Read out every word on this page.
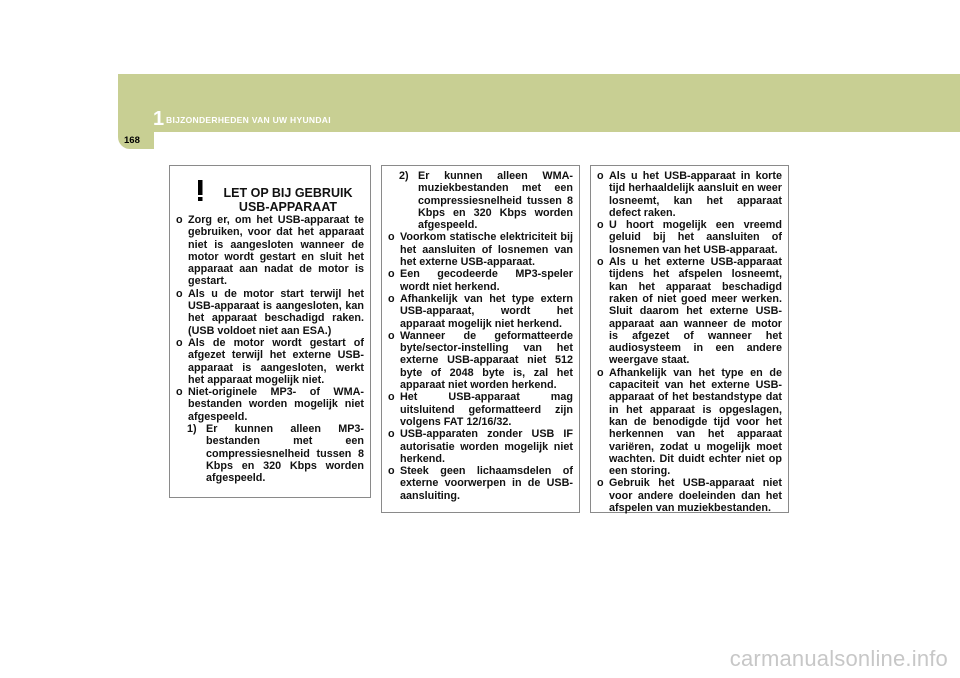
1 BIJZONDERHEDEN VAN UW HYUNDAI
168
LET OP BIJ GEBRUIK
USB-APPARAAT
o Zorg er, om het USB-apparaat te gebruiken, voor dat het apparaat niet is aangesloten wanneer de motor wordt gestart en sluit het apparaat aan nadat de motor is gestart.
o Als u de motor start terwijl het USB-apparaat is aangesloten, kan het apparaat beschadigd raken. (USB voldoet niet aan ESA.)
o Als de motor wordt gestart of afgezet terwijl het externe USB-apparaat is aangesloten, werkt het apparaat mogelijk niet.
o Niet-originele MP3- of WMA-bestanden worden mogelijk niet afgespeeld.
1) Er kunnen alleen MP3-bestanden met een compressiesnelheid tussen 8 Kbps en 320 Kbps worden afgespeeld.
2) Er kunnen alleen WMA-muziekbestanden met een compressiesnelheid tussen 8 Kbps en 320 Kbps worden afgespeeld.
o Voorkom statische elektriciteit bij het aansluiten of losnemen van het externe USB-apparaat.
o Een gecodeerde MP3-speler wordt niet herkend.
o Afhankelijk van het type extern USB-apparaat, wordt het apparaat mogelijk niet herkend.
o Wanneer de geformatteerde byte/sector-instelling van het externe USB-apparaat niet 512 byte of 2048 byte is, zal het apparaat niet worden herkend.
o Het USB-apparaat mag uitsluitend geformatteerd zijn volgens FAT 12/16/32.
o USB-apparaten zonder USB IF autorisatie worden mogelijk niet herkend.
o Steek geen lichaamsdelen of externe voorwerpen in de USB-aansluiting.
o Als u het USB-apparaat in korte tijd herhaaldelijk aansluit en weer losneemt, kan het apparaat defect raken.
o U hoort mogelijk een vreemd geluid bij het aansluiten of losnemen van het USB-apparaat.
o Als u het externe USB-apparaat tijdens het afspelen losneemt, kan het apparaat beschadigd raken of niet goed meer werken. Sluit daarom het externe USB-apparaat aan wanneer de motor is afgezet of wanneer het audiosysteem in een andere weergave staat.
o Afhankelijk van het type en de capaciteit van het externe USB-apparaat of het bestandstype dat in het apparaat is opgeslagen, kan de benodigde tijd voor het herkennen van het apparaat variëren, zodat u mogelijk moet wachten. Dit duidt echter niet op een storing.
o Gebruik het USB-apparaat niet voor andere doeleinden dan het afspelen van muziekbestanden.
carmanualsonline.info
